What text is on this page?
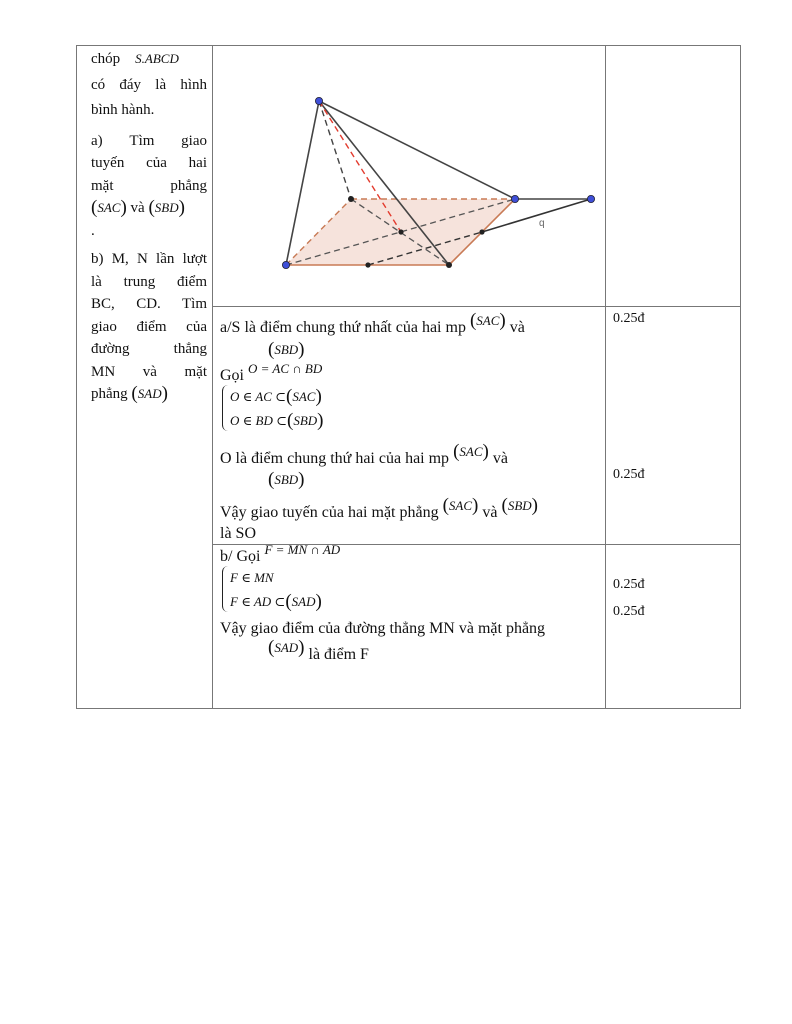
chóp S.ABCD

có đáy là hình

bình hành.

a) Tìm giao

tuyến của hai

mặt	phẳng

(SAC) và (SBD)

.

b) M, N lần lượt

là trung điểm

BC, CD. Tìm

giao điểm của

đường	thẳng

MN và mặt

phẳng (SAD)

q
a/S là điểm chung thứ nhất của hai mp (SAC) và
(SBD)
Gọi $^{O = AC \cap BD}$
O ∈ AC ⊂(SAC)
O ∈ BD ⊂(SBD)
O là điểm chung thứ hai của hai mp (SAC) và
(SBD)
Vậy giao tuyến của hai mặt phẳng (SAC) và (SBD)
là SO
b/ Gọi $^{F = MN \cap AD}$
F ∈ MN
F ∈ AD ⊂(SAD)
Vậy giao điểm của đường thẳng MN và mặt phẳng
(SAD) là điểm F
0.25đ
0.25đ
0.25đ
0.25đ
